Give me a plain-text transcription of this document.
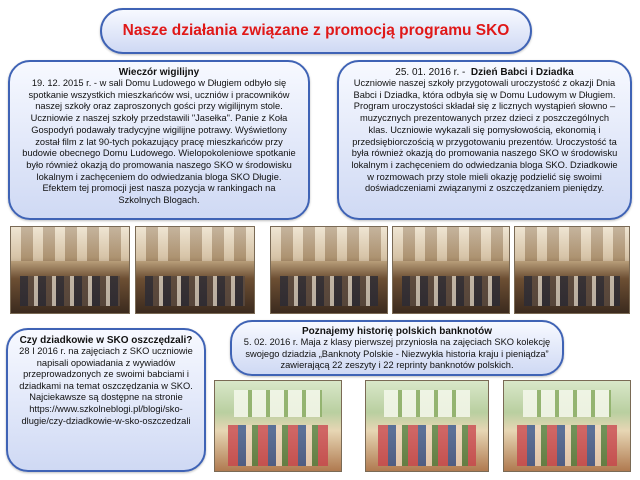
Nasze działania związane z promocją programu SKO
Wieczór wigilijny
19. 12. 2015 r. - w sali Domu Ludowego w Długiem odbyło się spotkanie wszystkich mieszkańców wsi, uczniów i pracowników naszej szkoły oraz zaproszonych gości przy wigilijnym stole. Uczniowie z naszej szkoły przedstawili "Jasełka". Panie z Koła Gospodyń podawały tradycyjne wigilijne potrawy. Wyświetlony został film z lat 90-tych pokazujący pracę mieszkańców przy budowie obecnego Domu Ludowego. Wielopokoleniowe spotkanie było również okazją do promowania naszego SKO w środowisku lokalnym i zachęceniem do odwiedzania bloga SKO Długie. Efektem tej promocji jest nasza pozycja w rankingach na Szkolnych Blogach.
25. 01. 2016 r. - Dzień Babci i Dziadka
Uczniowie naszej szkoły przygotowali uroczystość z okazji Dnia Babci i Dziadka, która odbyła się w Domu Ludowym w Długiem. Program uroczystości składał się z licznych wystąpień słowno – muzycznych prezentowanych przez dzieci z poszczególnych klas. Uczniowie wykazali się pomysłowością, ekonomią i przedsiębiorczością w przygotowaniu prezentów. Uroczystość ta była również okazją do promowania naszego SKO w środowisku lokalnym i zachęceniem do odwiedzania bloga SKO. Dziadkowie w rozmowach przy stole mieli okazję podzielić się swoimi doświadczeniami związanymi z oszczędzaniem pieniędzy.
Czy dziadkowie w SKO oszczędzali?
28 I 2016 r. na zajęciach z SKO uczniowie napisali opowiadania z wywiadów przeprowadzonych ze swoimi babciami i dziadkami na temat oszczędzania w SKO. Najciekawsze są dostępne na stronie https://www.szkolneblogi.pl/blogi/sko-dlugie/czy-dziadkowie-w-sko-oszczedzali
Poznajemy historię polskich banknotów
5. 02. 2016 r. Maja z klasy pierwszej przyniosła na zajęciach SKO kolekcję swojego dziadzia „Banknoty Polskie - Niezwykła historia kraju i pieniądza” zawierającą 22 zeszyty i 22 reprinty banknotów polskich.
